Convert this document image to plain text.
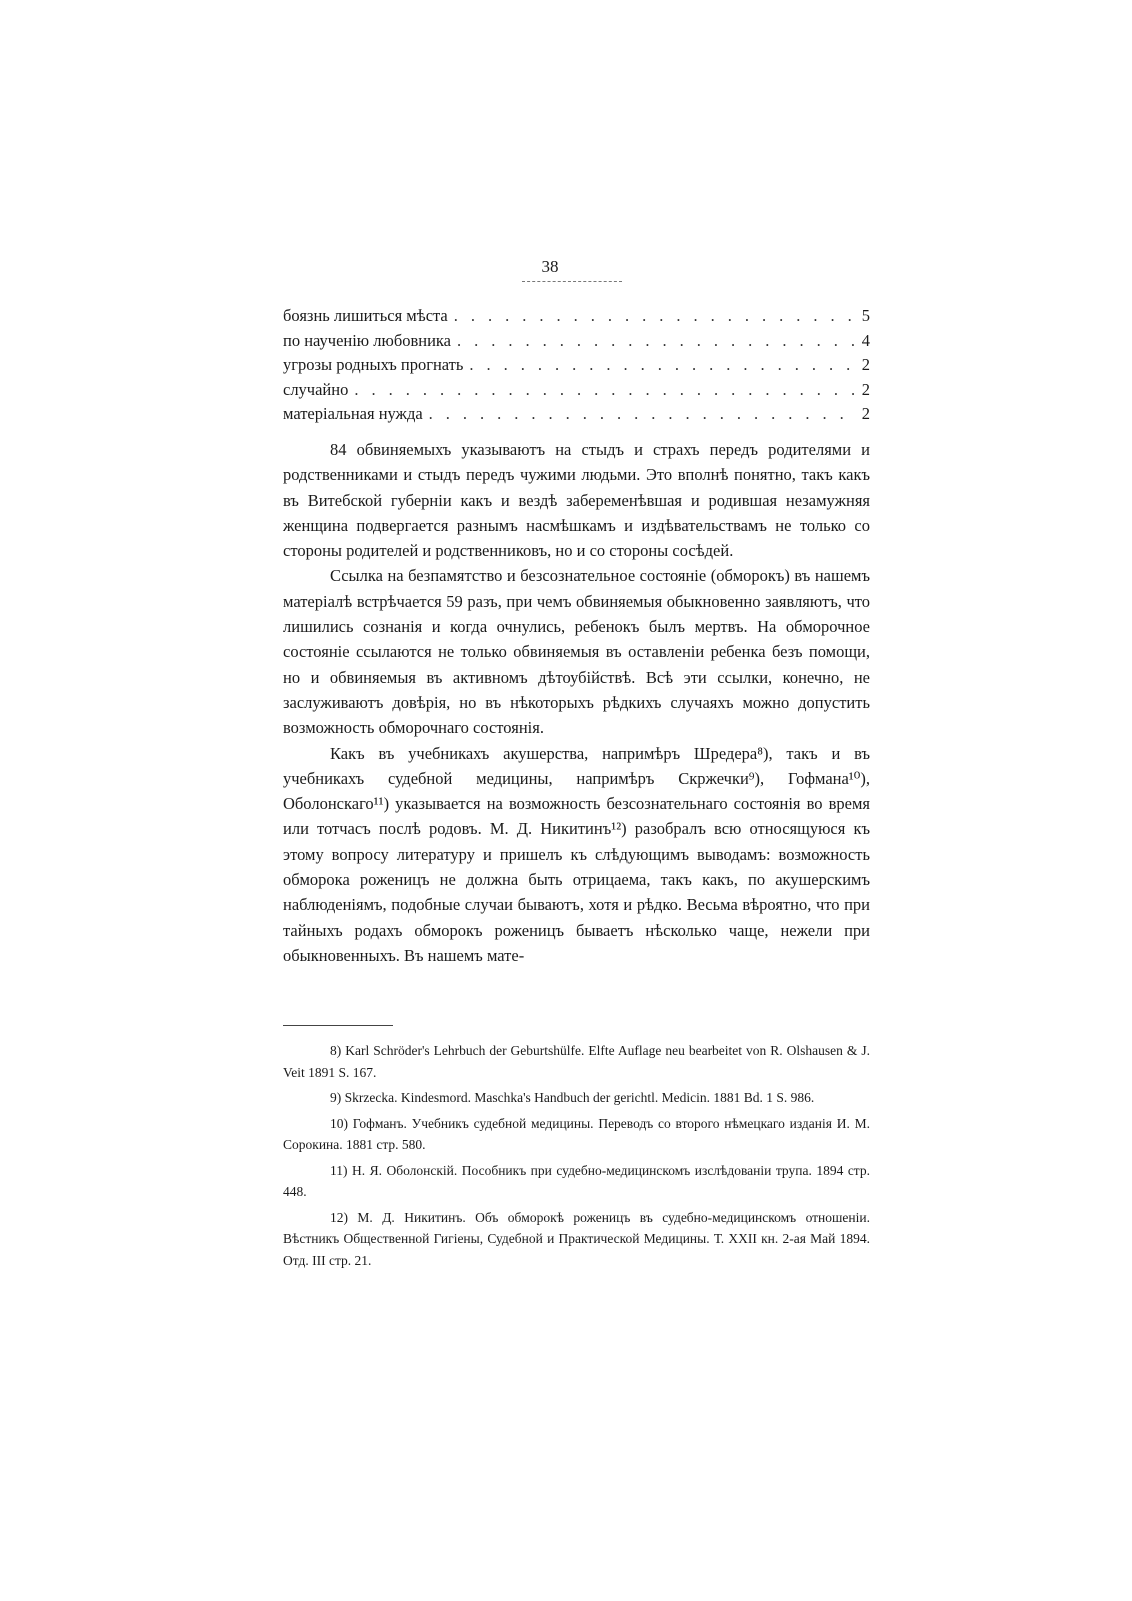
38
боязнь лишиться мѣста .....	5
по наученію любовника .....	4
угрозы родныхъ прогнать .....	2
случайно .....	2
матеріальная нужда .....	2

84 обвиняемыхъ указываютъ на стыдъ и страхъ передъ родителями и родственниками и стыдъ передъ чужими людьми. Это вполнѣ понятно, такъ какъ въ Витебской губерніи какъ и вездѣ забеременѣвшая и родившая незамужняя женщина подвергается разнымъ насмѣшкамъ и издѣвательствамъ не только со стороны родителей и родственниковъ, но и со стороны сосѣдей.

Ссылка на безпамятство и безсознательное состояніе (обморокъ) въ нашемъ матеріалѣ встрѣчается 59 разъ, при чемъ обвиняемыя обыкновенно заявляютъ, что лишились сознанія и когда очнулись, ребенокъ былъ мертвъ. На обморочное состояніе ссылаются не только обвиняемыя въ оставленіи ребенка безъ помощи, но и обвиняемыя въ активномъ дѣтоубійствѣ. Всѣ эти ссылки, конечно, не заслуживаютъ довѣрія, но въ нѣкоторыхъ рѣдкихъ случаяхъ можно допустить возможность обморочнаго состоянія.

Какъ въ учебникахъ акушерства, напримѣръ Шредера⁸), такъ и въ учебникахъ судебной медицины, напримѣръ Скржечки⁹), Гофмана¹⁰), Оболонскаго¹¹) указывается на возможность безсознательнаго состоянія во время или тотчасъ послѣ родовъ. М. Д. Никитинъ¹²) разобралъ всю относящуюся къ этому вопросу литературу и пришелъ къ слѣдующимъ выводамъ: возможность обморока роженицъ не должна быть отрицаема, такъ какъ, по акушерскимъ наблюденіямъ, подобные случаи бываютъ, хотя и рѣдко. Весьма вѣроятно, что при тайныхъ родахъ обморокъ роженицъ бываетъ нѣсколько чаще, нежели при обыкновенныхъ. Въ нашемъ мате-

8) Karl Schröder's Lehrbuch der Geburtshülfe. Elfte Auflage neu bearbeitet von R. Olshausen & J. Veit 1891 S. 167.

9) Skrzecka. Kindesmord. Maschka's Handbuch der gerichtl. Medicin. 1881 Bd. 1 S. 986.

10) Гофманъ. Учебникъ судебной медицины. Переводъ со второго нѣмецкаго изданія И. М. Сорокина. 1881 стр. 580.

11) Н. Я. Оболонскій. Пособникъ при судебно-медицинскомъ изслѣдованіи трупа. 1894 стр. 448.

12) М. Д. Никитинъ. Объ обморокѣ роженицъ въ судебно-медицинскомъ отношеніи. Вѣстникъ Общественной Гигіены, Судебной и Практической Медицины. Т. XXII кн. 2-ая Май 1894. Отд. III стр. 21.
